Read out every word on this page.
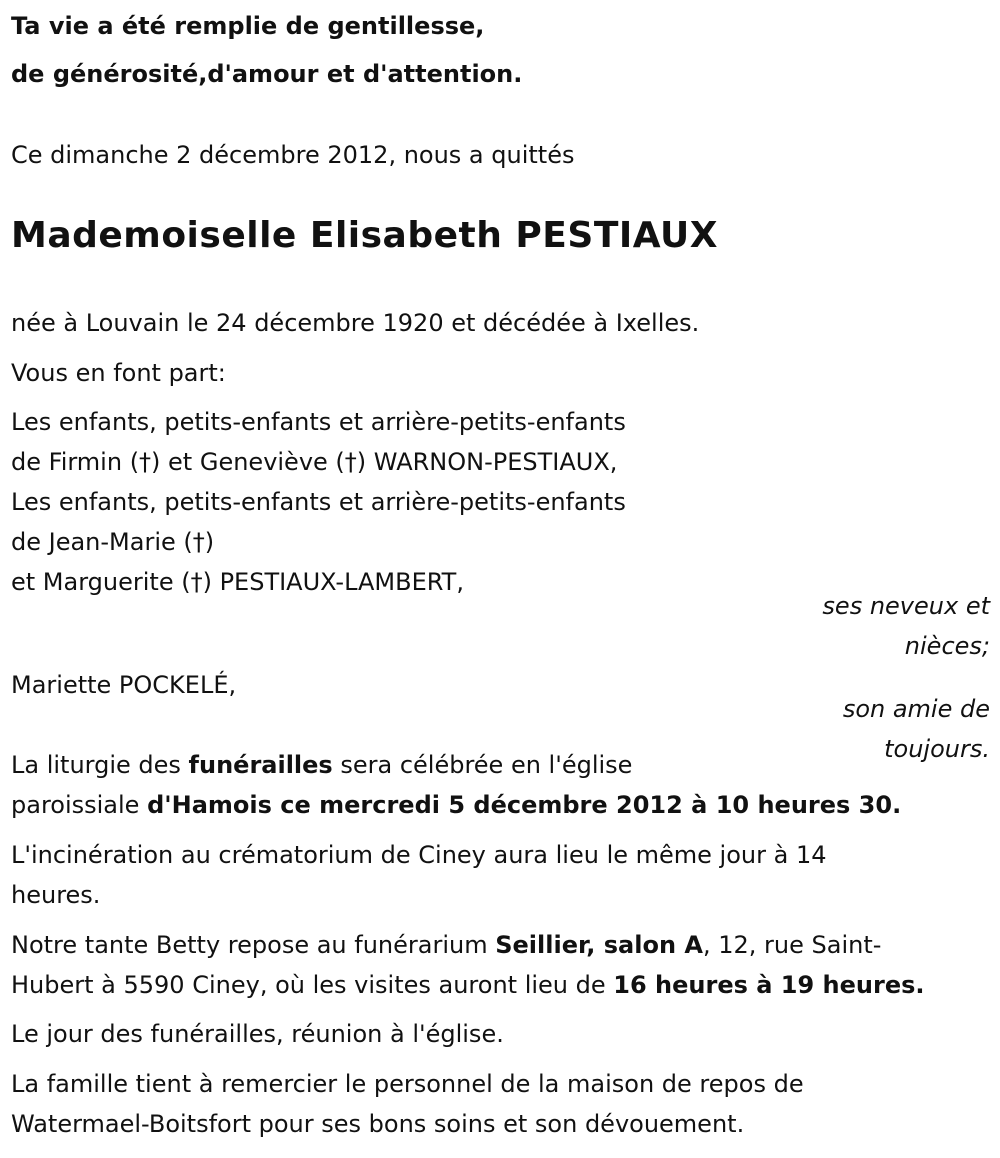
Ta vie a été remplie de gentillesse,
de générosité,d'amour et d'attention.
Ce dimanche 2 décembre 2012, nous a quittés
Mademoiselle Elisabeth PESTIAUX
née à Louvain le 24 décembre 1920 et décédée à Ixelles.
Vous en font part:
Les enfants, petits-enfants et arrière-petits-enfants
de Firmin (†) et Geneviève (†) WARNON-PESTIAUX,
Les enfants, petits-enfants et arrière-petits-enfants
de Jean-Marie (†)
et Marguerite (†) PESTIAUX-LAMBERT,
ses neveux et
nièces;
Mariette POCKELÉ,
son amie de
toujours.
La liturgie des funérailles sera célébrée en l'église
paroissiale d'Hamois ce mercredi 5 décembre 2012 à 10 heures 30.
L'incinération au crématorium de Ciney aura lieu le même jour à 14
heures.
Notre tante Betty repose au funérarium Seillier, salon A, 12, rue Saint-
Hubert à 5590 Ciney, où les visites auront lieu de 16 heures à 19 heures.
Le jour des funérailles, réunion à l'église.
La famille tient à remercier le personnel de la maison de repos de
Watermael-Boitsfort pour ses bons soins et son dévouement.
